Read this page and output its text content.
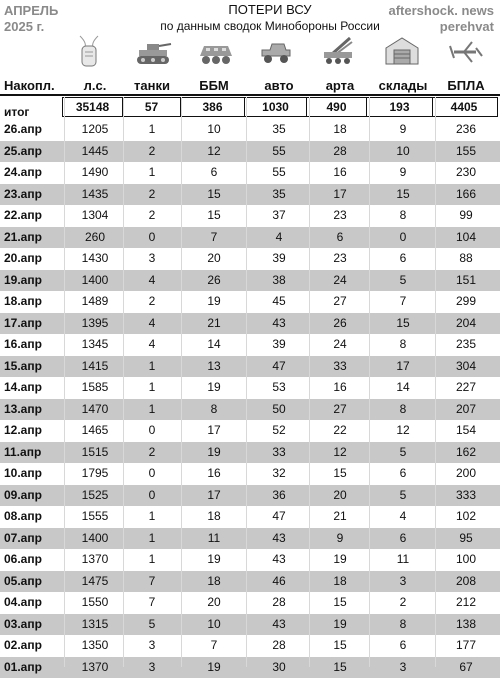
АПРЕЛЬ
2025 г.
ПОТЕРИ ВСУ
по данным сводок Минобороны России
aftershock. news
perehvat
Накопл.	л.с.	танки	ББМ	авто	арта	склады	БПЛА
итог	35148	57	386	1030	490	193	4405
26.апр	1205	1	10	35	18	9	236
25.апр	1445	2	12	55	28	10	155
24.апр	1490	1	6	55	16	9	230
23.апр	1435	2	15	35	17	15	166
22.апр	1304	2	15	37	23	8	99
21.апр	260	0	7	4	6	0	104
20.апр	1430	3	20	39	23	6	88
19.апр	1400	4	26	38	24	5	151
18.апр	1489	2	19	45	27	7	299
17.апр	1395	4	21	43	26	15	204
16.апр	1345	4	14	39	24	8	235
15.апр	1415	1	13	47	33	17	304
14.апр	1585	1	19	53	16	14	227
13.апр	1470	1	8	50	27	8	207
12.апр	1465	0	17	52	22	12	154
11.апр	1515	2	19	33	12	5	162
10.апр	1795	0	16	32	15	6	200
09.апр	1525	0	17	36	20	5	333
08.апр	1555	1	18	47	21	4	102
07.апр	1400	1	11	43	9	6	95
06.апр	1370	1	19	43	19	11	100
05.апр	1475	7	18	46	18	3	208
04.апр	1550	7	20	28	15	2	212
03.апр	1315	5	10	43	19	8	138
02.апр	1350	3	7	28	15	6	177
01.апр	1370	3	19	30	15	3	67
